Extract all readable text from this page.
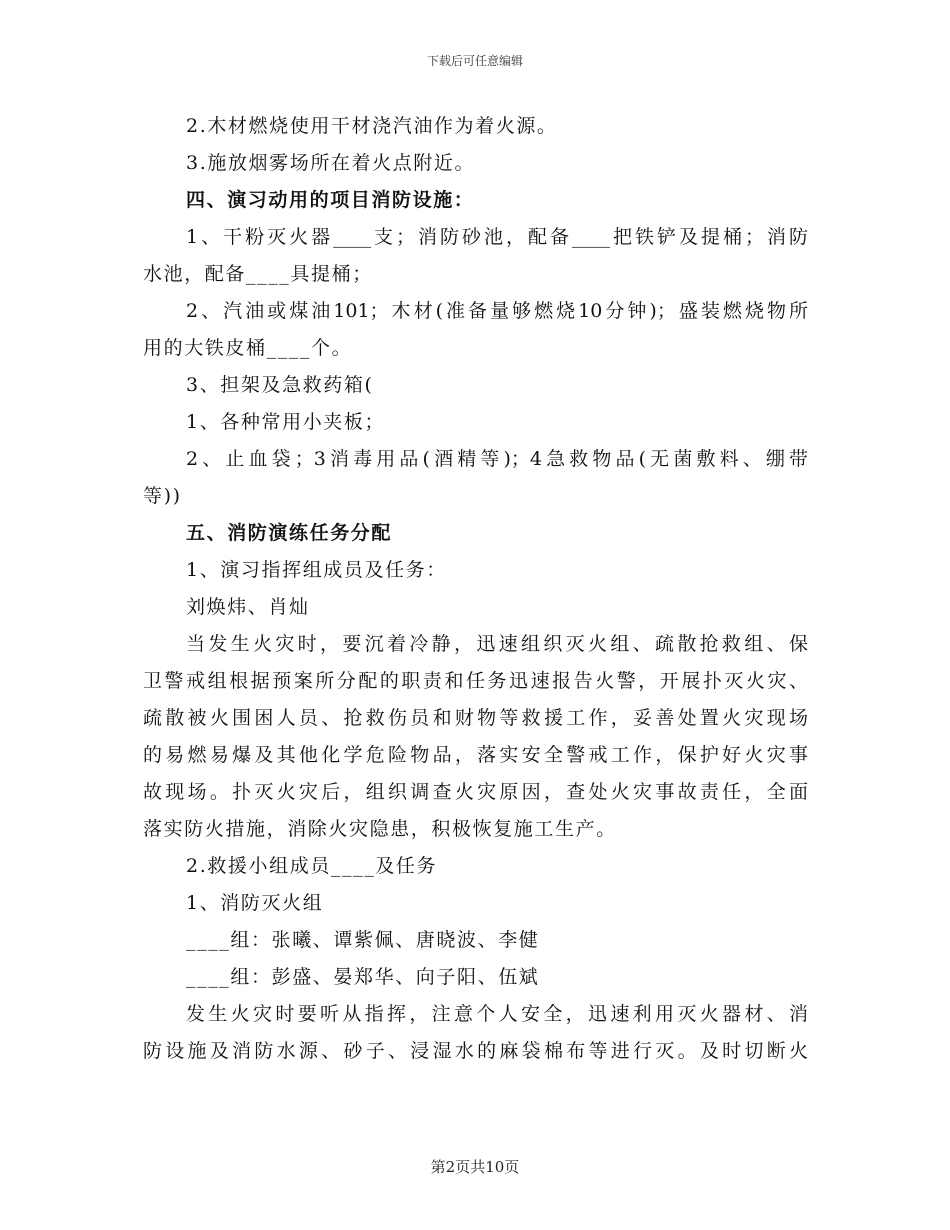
下载后可任意编辑
2.木材燃烧使用干材浇汽油作为着火源。
3.施放烟雾场所在着火点附近。
四、演习动用的项目消防设施：
1、干粉灭火器____支；消防砂池，配备____把铁铲及提桶；消防
水池，配备____具提桶；
2、汽油或煤油101；木材(准备量够燃烧10分钟)；盛装燃烧物所
用的大铁皮桶____个。
3、担架及急救药箱(
1、各种常用小夹板；
2、止血袋；3消毒用品(酒精等)；4急救物品(无菌敷料、绷带
等))
五、消防演练任务分配
1、演习指挥组成员及任务：
刘焕炜、肖灿
当发生火灾时，要沉着冷静，迅速组织灭火组、疏散抢救组、保
卫警戒组根据预案所分配的职责和任务迅速报告火警，开展扑灭火灾、
疏散被火围困人员、抢救伤员和财物等救援工作，妥善处置火灾现场
的易燃易爆及其他化学危险物品，落实安全警戒工作，保护好火灾事
故现场。扑灭火灾后，组织调查火灾原因，查处火灾事故责任，全面
落实防火措施，消除火灾隐患，积极恢复施工生产。
2.救援小组成员____及任务
1、消防灭火组
____组：张曦、谭紫佩、唐晓波、李健
____组：彭盛、晏郑华、向子阳、伍斌
发生火灾时要听从指挥，注意个人安全，迅速利用灭火器材、消
防设施及消防水源、砂子、浸湿水的麻袋棉布等进行灭。及时切断火
第2页共10页
